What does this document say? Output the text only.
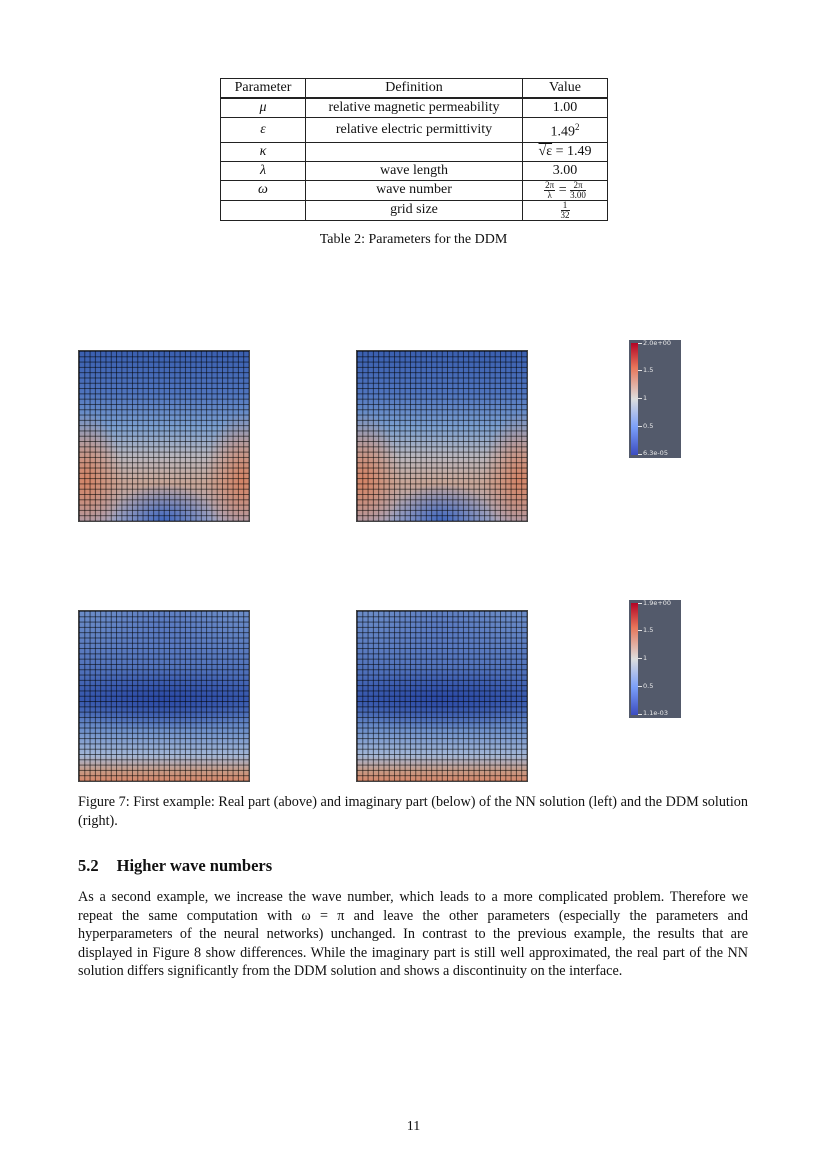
Parameter	Definition	Value
μ	relative magnetic permeability	1.00
ε	relative electric permittivity	1.49$^2$
κ		√ε = 1.49
λ	wave length	3.00
ω	wave number	$\frac{2\pi}{\lambda} = \frac{2\pi}{3.00}$

	grid size	$\frac{1}{32}$
Table 2: Parameters for the DDM
2.0e+00
1.5
1
0.5
6.3e-05
1.9e+00
1.5
1
0.5
1.1e-03
Figure 7: First example: Real part (above) and imaginary part (below) of the NN solution (left) and the DDM solution (right).
5.2 Higher wave numbers
As a second example, we increase the wave number, which leads to a more complicated problem. Therefore we repeat the same computation with ω = π and leave the other parameters (especially the parameters and hyperparameters of the neural networks) unchanged. In contrast to the previous example, the results that are displayed in Figure 8 show differences. While the imaginary part is still well approximated, the real part of the NN solution differs significantly from the DDM solution and shows a discontinuity on the interface.
11
